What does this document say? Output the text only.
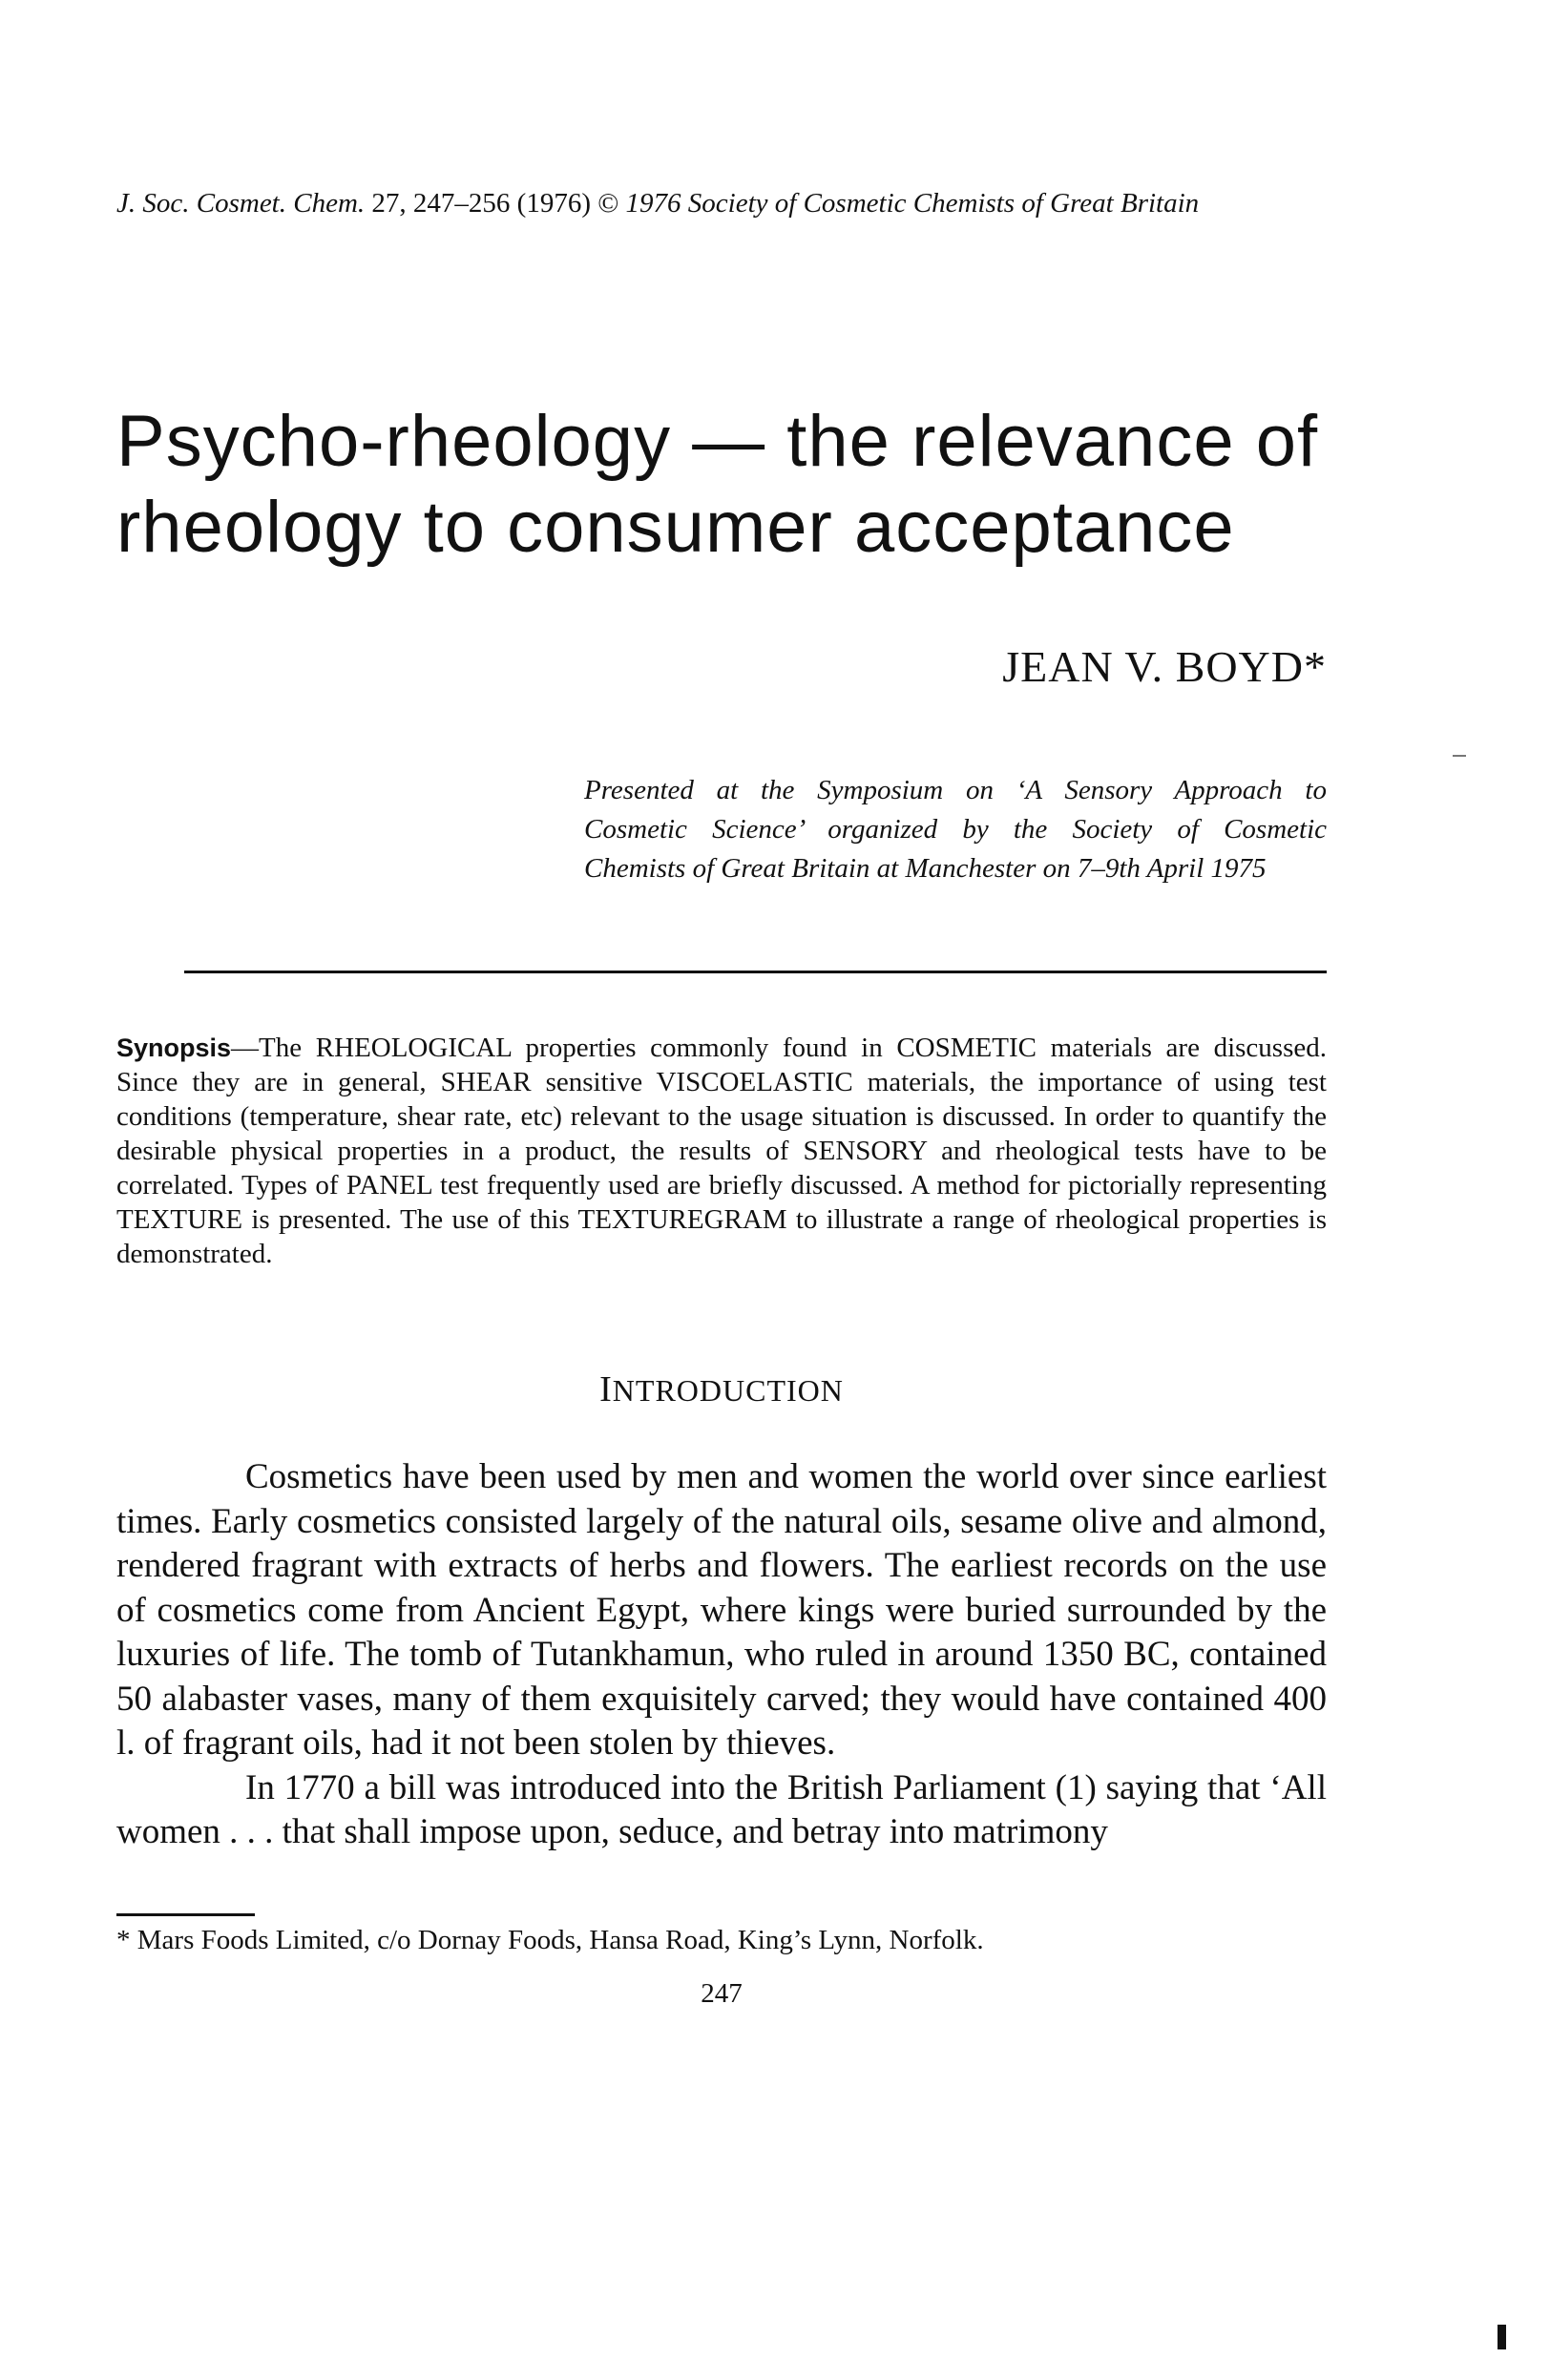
J. Soc. Cosmet. Chem. 27, 247–256 (1976) © 1976 Society of Cosmetic Chemists of Great Britain
Psycho-rheology — the relevance of
rheology to consumer acceptance
JEAN V. BOYD*
Presented at the Symposium on ‘A Sensory Approach to
Cosmetic Science’ organized by the Society of Cosmetic
Chemists of Great Britain at Manchester on 7–9th April 1975
Synopsis—The RHEOLOGICAL properties commonly found in COSMETIC materials are discussed. Since they are in general, SHEAR sensitive VISCOELASTIC materials, the importance of using test conditions (temperature, shear rate, etc) relevant to the usage situation is discussed. In order to quantify the desirable physical properties in a product, the results of SENSORY and rheological tests have to be correlated. Types of PANEL test frequently used are briefly discussed. A method for pictorially representing TEXTURE is presented. The use of this TEXTUREGRAM to illustrate a range of rheological properties is demonstrated.
INTRODUCTION

Cosmetics have been used by men and women the world over since earliest times. Early cosmetics consisted largely of the natural oils, sesame olive and almond, rendered fragrant with extracts of herbs and flowers. The earliest records on the use of cosmetics come from Ancient Egypt, where kings were buried surrounded by the luxuries of life. The tomb of Tutankhamun, who ruled in around 1350 BC, contained 50 alabaster vases, many of them exquisitely carved; they would have contained 400 l. of fragrant oils, had it not been stolen by thieves.

In 1770 a bill was introduced into the British Parliament (1) saying that ‘All women . . . that shall impose upon, seduce, and betray into matrimony

* Mars Foods Limited, c/o Dornay Foods, Hansa Road, King’s Lynn, Norfolk.
247
